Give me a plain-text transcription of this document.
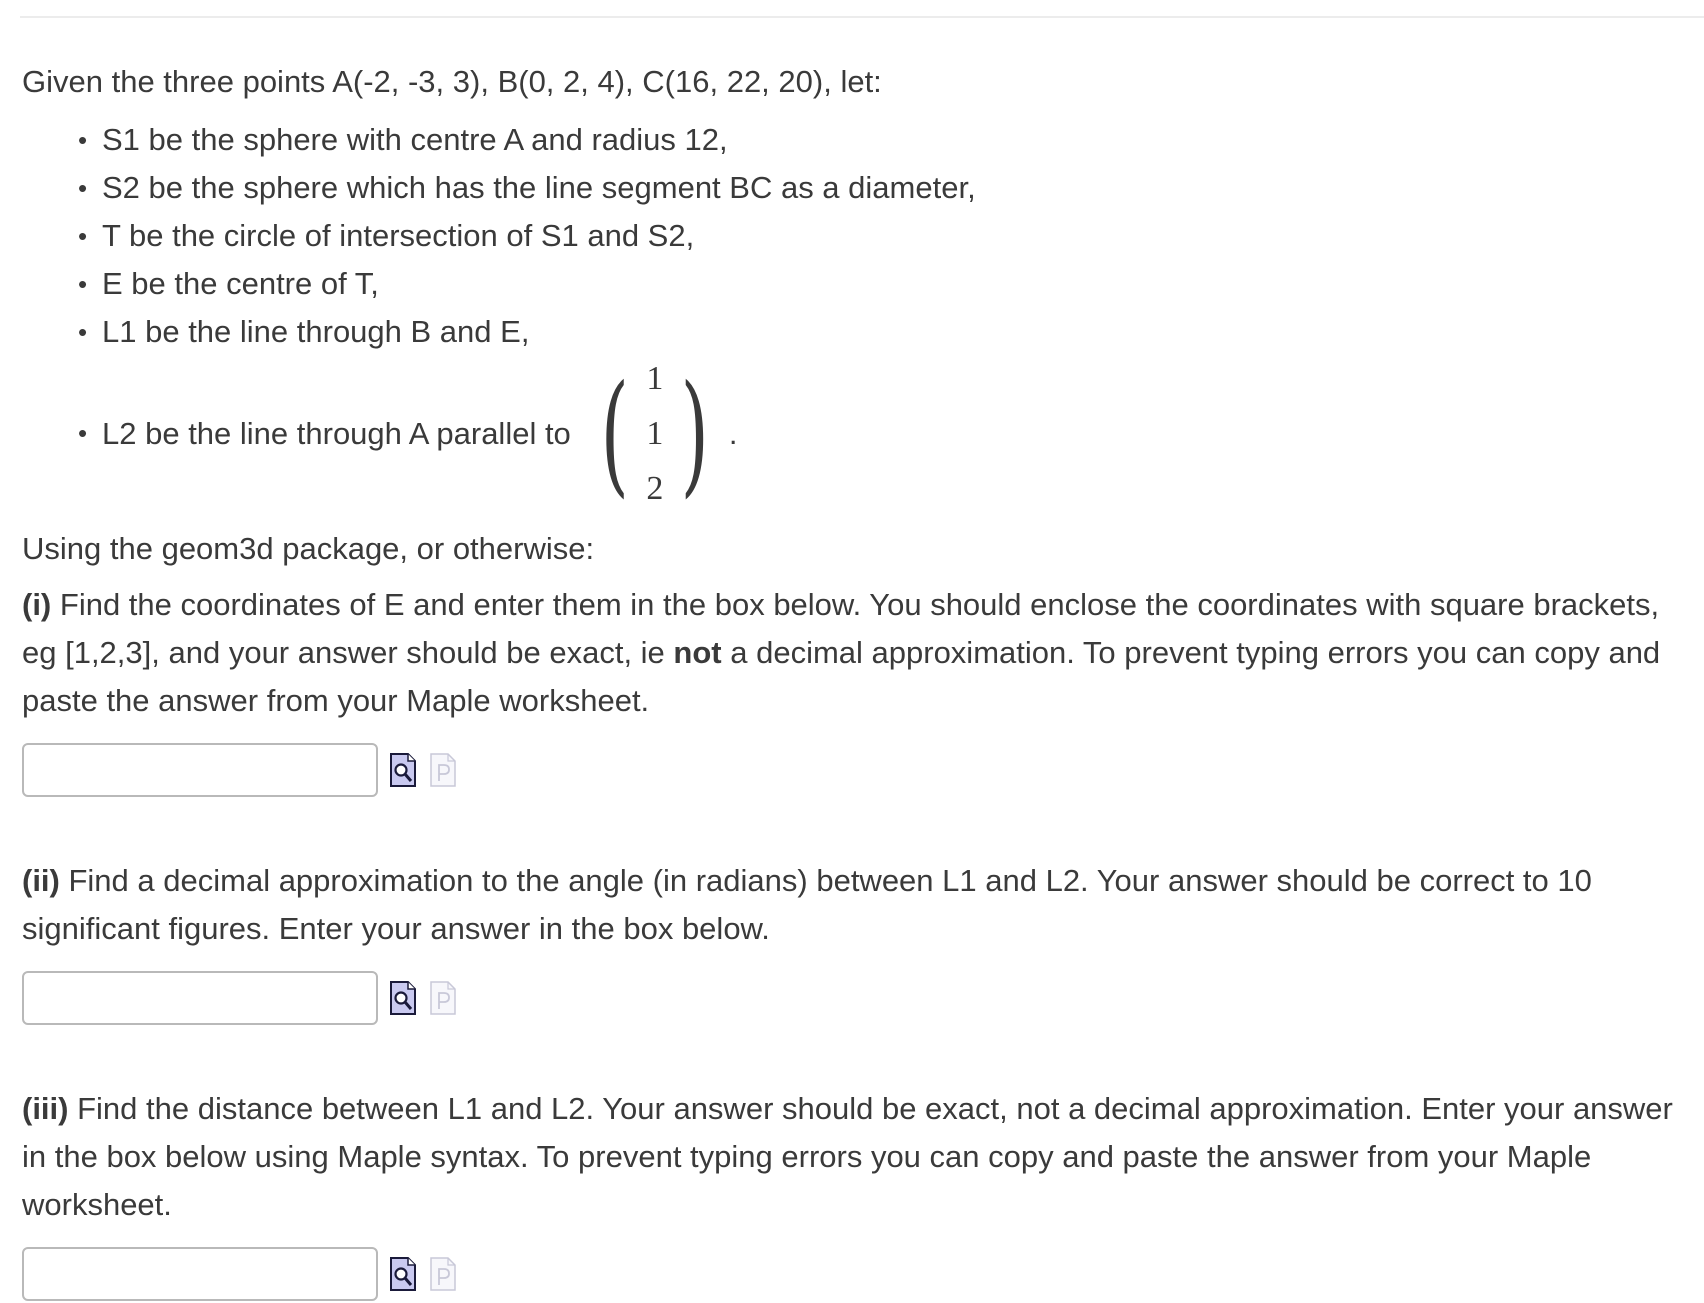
Given the three points A(-2, -3, 3), B(0, 2, 4), C(16, 22, 20), let:
• S1 be the sphere with centre A and radius 12,
• S2 be the sphere which has the line segment BC as a diameter,
• T be the circle of intersection of S1 and S2,
• E be the centre of T,
• L1 be the line through B and E,
• L2 be the line through A parallel to ( 1
1
2 ) .
Using the geom3d package, or otherwise:
(i) Find the coordinates of E and enter them in the box below. You should enclose the coordinates with square brackets, eg [1,2,3], and your answer should be exact, ie not a decimal approximation. To prevent typing errors you can copy and paste the answer from your Maple worksheet.
(ii) Find a decimal approximation to the angle (in radians) between L1 and L2. Your answer should be correct to 10 significant figures. Enter your answer in the box below.
(iii) Find the distance between L1 and L2. Your answer should be exact, not a decimal approximation. Enter your answer in the box below using Maple syntax. To prevent typing errors you can copy and paste the answer from your Maple worksheet.
